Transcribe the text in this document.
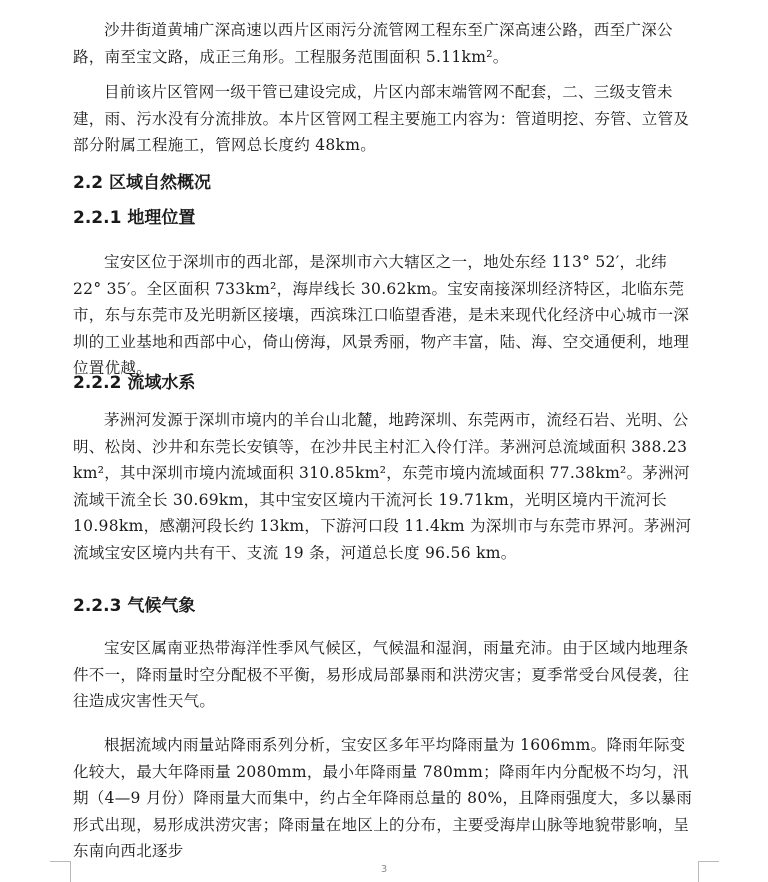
沙井街道黄埔广深高速以西片区雨污分流管网工程东至广深高速公路，西至广深公路，南至宝文路，成正三角形。工程服务范围面积 5.11km²。

目前该片区管网一级干管已建设完成，片区内部末端管网不配套，二、三级支管未建，雨、污水没有分流排放。本片区管网工程主要施工内容为：管道明挖、夯管、立管及部分附属工程施工，管网总长度约 48km。

2.2 区域自然概况
2.2.1 地理位置

宝安区位于深圳市的西北部，是深圳市六大辖区之一，地处东经 113° 52′，北纬 22° 35′。全区面积 733km²，海岸线长 30.62km。宝安南接深圳经济特区，北临东莞市，东与东莞市及光明新区接壤，西滨珠江口临望香港，是未来现代化经济中心城市一深圳的工业基地和西部中心，倚山傍海，风景秀丽，物产丰富，陆、海、空交通便利，地理位置优越。

2.2.2 流域水系

茅洲河发源于深圳市境内的羊台山北麓，地跨深圳、东莞两市，流经石岩、光明、公明、松岗、沙井和东莞长安镇等，在沙井民主村汇入伶仃洋。茅洲河总流域面积 388.23 km²，其中深圳市境内流域面积 310.85km²，东莞市境内流域面积 77.38km²。茅洲河流域干流全长 30.69km，其中宝安区境内干流河长 19.71km，光明区境内干流河长 10.98km，感潮河段长约 13km，下游河口段 11.4km 为深圳市与东莞市界河。茅洲河流域宝安区境内共有干、支流 19 条，河道总长度 96.56 km。

2.2.3 气候气象

宝安区属南亚热带海洋性季风气候区，气候温和湿润，雨量充沛。由于区域内地理条件不一，降雨量时空分配极不平衡，易形成局部暴雨和洪涝灾害；夏季常受台风侵袭，往往造成灾害性天气。

根据流域内雨量站降雨系列分析，宝安区多年平均降雨量为 1606mm。降雨年际变化较大，最大年降雨量 2080mm，最小年降雨量 780mm；降雨年内分配极不均匀，汛期（4—9 月份）降雨量大而集中，约占全年降雨总量的 80%，且降雨强度大，多以暴雨形式出现，易形成洪涝灾害；降雨量在地区上的分布，主要受海岸山脉等地貌带影响，呈东南向西北逐步

3
